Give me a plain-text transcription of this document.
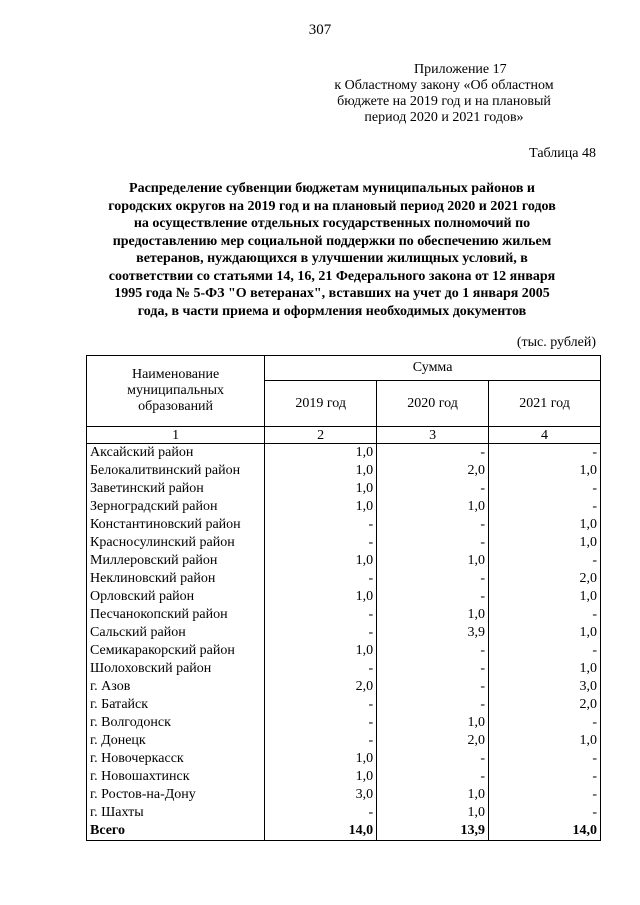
307
Приложение 17
к Областному закону «Об областном
бюджете на 2019 год и на плановый
период 2020 и 2021 годов»
Таблица 48
Распределение субвенции бюджетам муниципальных районов и
городских округов на 2019 год и на плановый период 2020 и 2021 годов
на осуществление отдельных государственных полномочий по
предоставлению мер социальной поддержки по обеспечению жильем
ветеранов, нуждающихся в улучшении жилищных условий, в
соответствии со статьями 14, 16, 21 Федерального закона от 12 января
1995 года № 5-ФЗ "О ветеранах", вставших на учет до 1 января 2005
года, в части приема и оформления необходимых документов
(тыс. рублей)
Наименование
муниципальных
образований	Сумма		
	2019 год	2020 год	2021 год
1	2	3	4
Аксайский район	1,0	-	-
Белокалитвинский район	1,0	2,0	1,0
Заветинский район	1,0	-	-
Зерноградский район	1,0	1,0	-
Константиновский район	-	-	1,0
Красносулинский район	-	-	1,0
Миллеровский район	1,0	1,0	-
Неклиновский район	-	-	2,0
Орловский район	1,0	-	1,0
Песчанокопский район	-	1,0	-
Сальский район	-	3,9	1,0
Семикаракорский район	1,0	-	-
Шолоховский район	-	-	1,0
г. Азов	2,0	-	3,0
г. Батайск	-	-	2,0
г. Волгодонск	-	1,0	-
г. Донецк	-	2,0	1,0
г. Новочеркасск	1,0	-	-
г. Новошахтинск	1,0	-	-
г. Ростов-на-Дону	3,0	1,0	-
г. Шахты	-	1,0	-
Всего	14,0	13,9	14,0
